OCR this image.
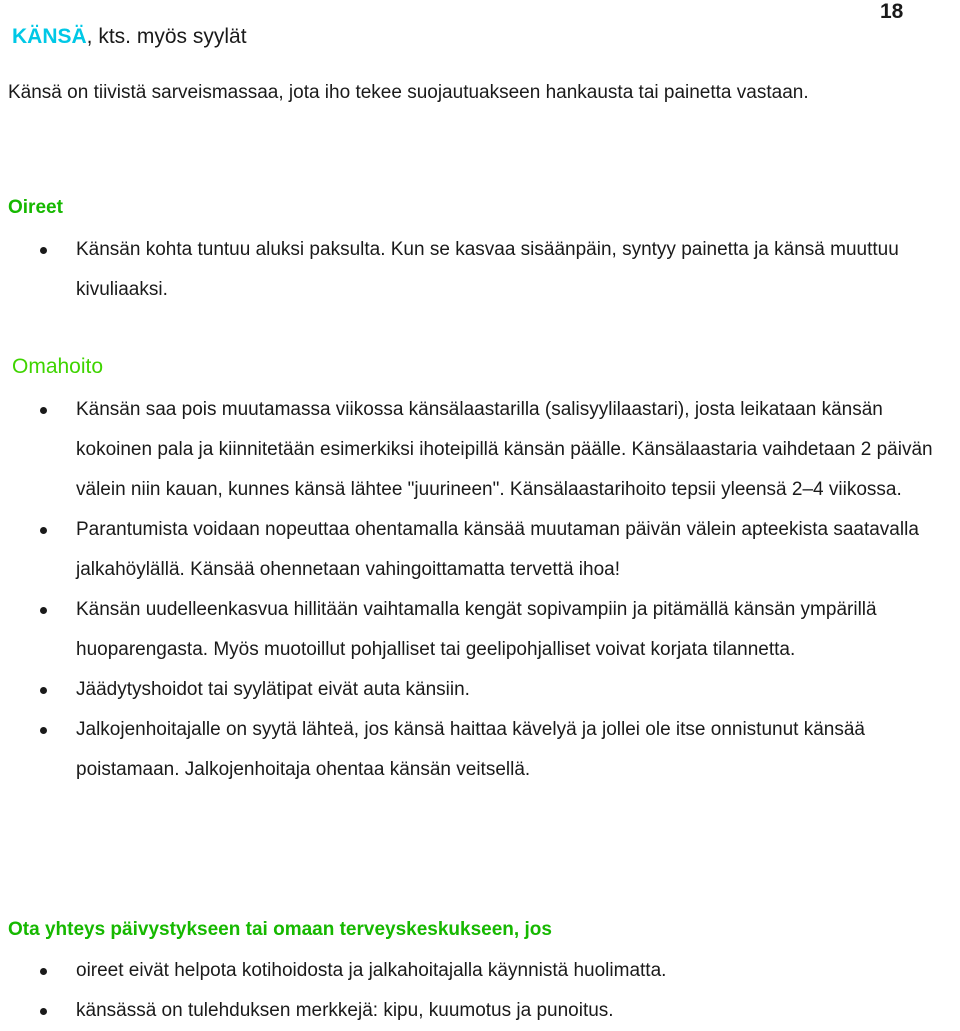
18
KÄNSÄ, kts. myös syylät

Känsä on tiivistä sarveismassaa, jota iho tekee suojautuakseen hankausta tai painetta vastaan.

Oireet
Känsän kohta tuntuu aluksi paksulta. Kun se kasvaa sisäänpäin, syntyy painetta ja känsä muuttuu kivuliaaksi.
Omahoito
Känsän saa pois muutamassa viikossa känsälaastarilla (salisyylilaastari), josta leikataan känsän kokoinen pala ja kiinnitetään esimerkiksi ihoteipillä känsän päälle. Känsälaastaria vaihdetaan 2 päivän välein niin kauan, kunnes känsä lähtee "juurineen". Känsälaastarihoito tepsii yleensä 2–4 viikossa.
Parantumista voidaan nopeuttaa ohentamalla känsää muutaman päivän välein apteekista saatavalla jalkahöylällä. Känsää ohennetaan vahingoittamatta tervettä ihoa!
Känsän uudelleenkasvua hillitään vaihtamalla kengät sopivampiin ja pitämällä känsän ympärillä huoparengasta. Myös muotoillut pohjalliset tai geelipohjalliset voivat korjata tilannetta.
Jäädytyshoidot tai syylätipat eivät auta känsiin.
Jalkojenhoitajalle on syytä lähteä, jos känsä haittaa kävelyä ja jollei ole itse onnistunut känsää poistamaan. Jalkojenhoitaja ohentaa känsän veitsellä.
Ota yhteys päivystykseen tai omaan terveyskeskukseen, jos
oireet eivät helpota kotihoidosta ja jalkahoitajalla käynnistä huolimatta.
känsässä on tulehduksen merkkejä: kipu, kuumotus ja punoitus.
